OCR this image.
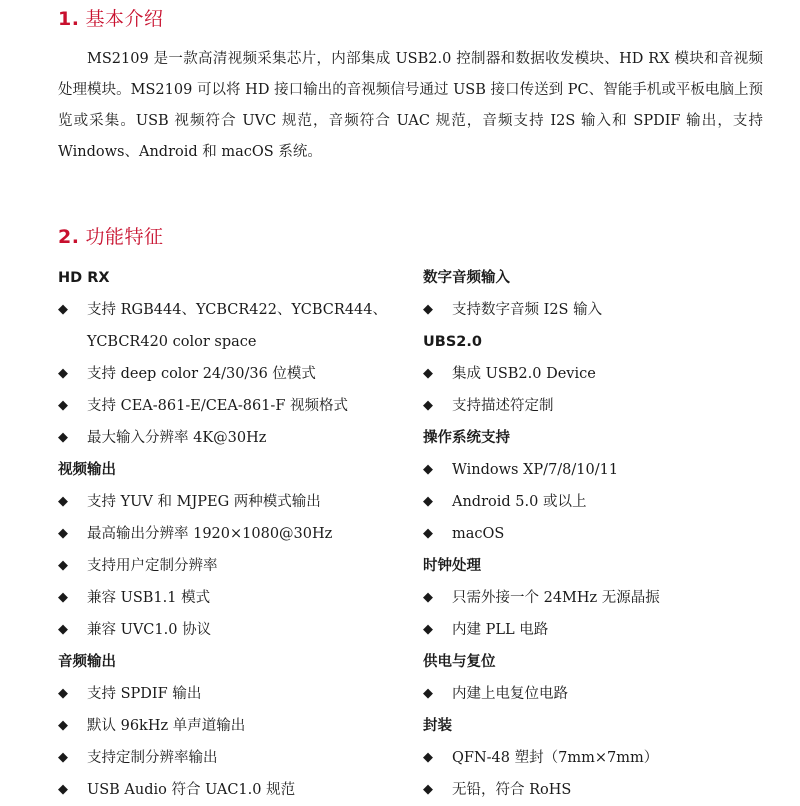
1. 基本介绍

MS2109 是一款高清视频采集芯片，内部集成 USB2.0 控制器和数据收发模块、HD RX 模块和音视频处理模块。MS2109 可以将 HD 接口输出的音视频信号通过 USB 接口传送到 PC、智能手机或平板电脑上预览或采集。USB 视频符合 UVC 规范，音频符合 UAC 规范，音频支持 I2S 输入和 SPDIF 输出，支持 Windows、Android 和 macOS 系统。

2. 功能特征
HD RX
◆ 支持 RGB444、YCBCR422、YCBCR444、YCBCR420 color space
◆ 支持 deep color 24/30/36 位模式
◆ 支持 CEA-861-E/CEA-861-F 视频格式
◆ 最大输入分辨率 4K@30Hz
视频输出
◆ 支持 YUV 和 MJPEG 两种模式输出
◆ 最高输出分辨率 1920×1080@30Hz
◆ 支持用户定制分辨率
◆ 兼容 USB1.1 模式
◆ 兼容 UVC1.0 协议
音频输出
◆ 支持 SPDIF 输出
◆ 默认 96kHz 单声道输出
◆ 支持定制分辨率输出
◆ USB Audio 符合 UAC1.0 规范
数字音频输入
◆ 支持数字音频 I2S 输入
UBS2.0
◆ 集成 USB2.0 Device
◆ 支持描述符定制
操作系统支持
◆ Windows XP/7/8/10/11
◆ Android 5.0 或以上
◆ macOS
时钟处理
◆ 只需外接一个 24MHz 无源晶振
◆ 内建 PLL 电路
供电与复位
◆ 内建上电复位电路
封装
◆ QFN-48 塑封（7mm×7mm）
◆ 无铅，符合 RoHS
